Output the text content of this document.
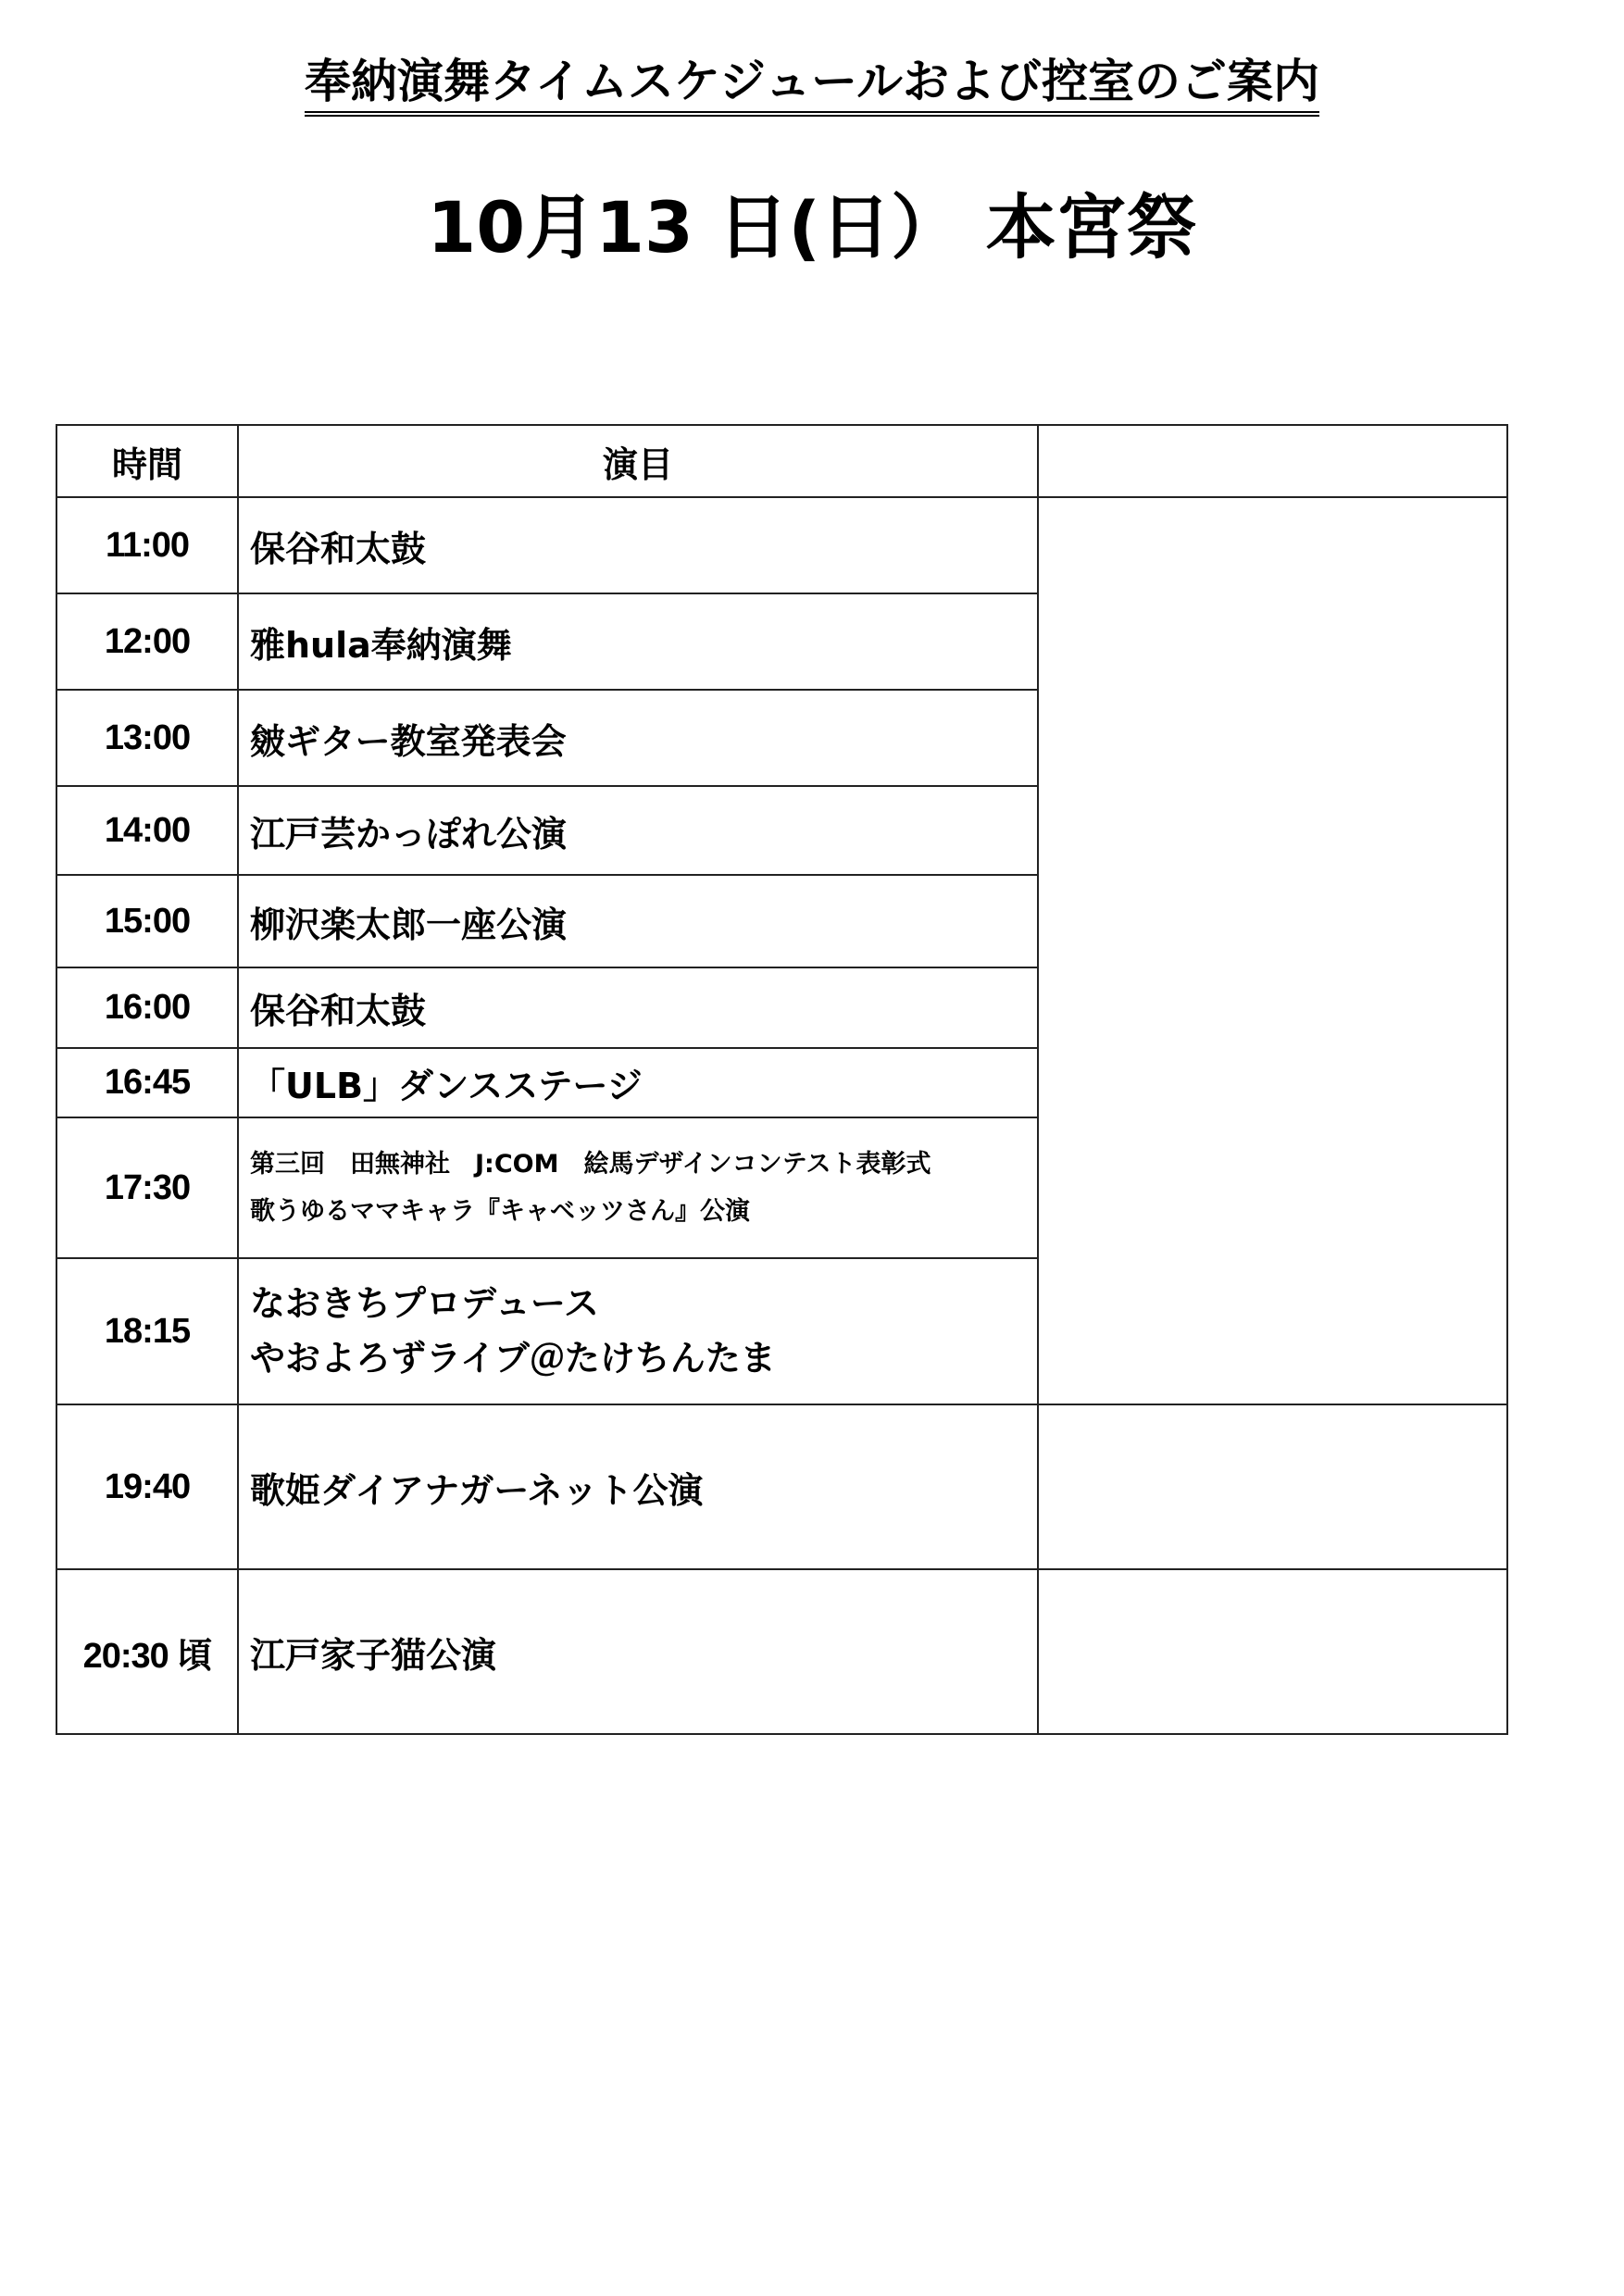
奉納演舞タイムスケジュールおよび控室のご案内
10月13 日(日） 本宮祭
時間	演目	
11:00	保谷和太鼓	
12:00	雅hula奉納演舞	
13:00	皴ギター教室発表会	
14:00	江戸芸かっぽれ公演	
15:00	柳沢楽太郎一座公演	
16:00	保谷和太鼓	
16:45	「ULB」ダンスステージ	
17:30	第三回　田無神社　J:COM　絵馬デザインコンテスト表彰式
歌うゆるママキャラ『キャベッツさん』公演	

18:15	なおきちプロデュース
やおよろずライブ＠たけちんたま	

19:40	歌姫ダイアナガーネット公演	
20:30 頃	江戸家子猫公演	
